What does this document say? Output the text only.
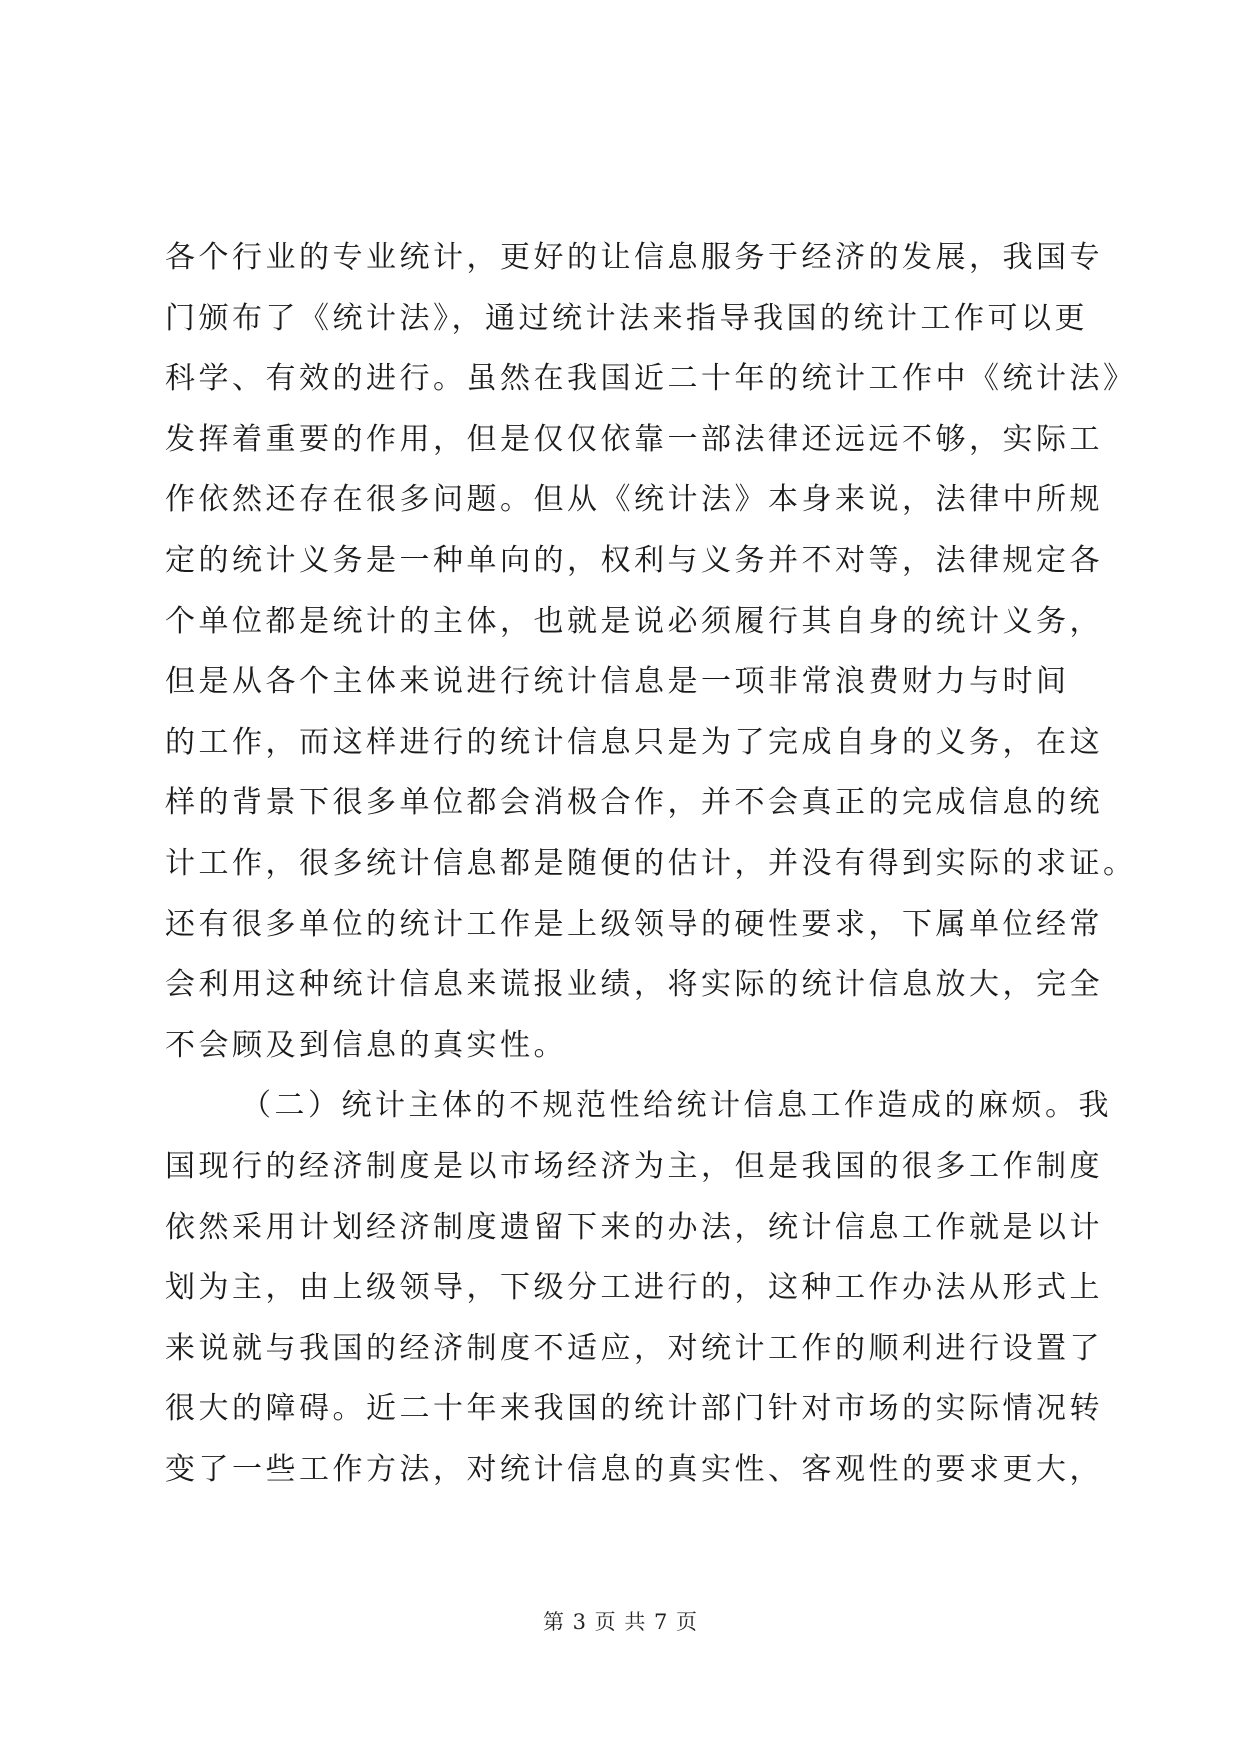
各个行业的专业统计，更好的让信息服务于经济的发展，我国专
门颁布了《统计法》，通过统计法来指导我国的统计工作可以更
科学、有效的进行。虽然在我国近二十年的统计工作中《统计法》
发挥着重要的作用，但是仅仅依靠一部法律还远远不够，实际工
作依然还存在很多问题。但从《统计法》本身来说，法律中所规
定的统计义务是一种单向的，权利与义务并不对等，法律规定各
个单位都是统计的主体，也就是说必须履行其自身的统计义务，
但是从各个主体来说进行统计信息是一项非常浪费财力与时间
的工作，而这样进行的统计信息只是为了完成自身的义务，在这
样的背景下很多单位都会消极合作，并不会真正的完成信息的统
计工作，很多统计信息都是随便的估计，并没有得到实际的求证。
还有很多单位的统计工作是上级领导的硬性要求，下属单位经常
会利用这种统计信息来谎报业绩，将实际的统计信息放大，完全
不会顾及到信息的真实性。
（二）统计主体的不规范性给统计信息工作造成的麻烦。我
国现行的经济制度是以市场经济为主，但是我国的很多工作制度
依然采用计划经济制度遗留下来的办法，统计信息工作就是以计
划为主，由上级领导，下级分工进行的，这种工作办法从形式上
来说就与我国的经济制度不适应，对统计工作的顺利进行设置了
很大的障碍。近二十年来我国的统计部门针对市场的实际情况转
变了一些工作方法，对统计信息的真实性、客观性的要求更大，
第 3 页 共 7 页
